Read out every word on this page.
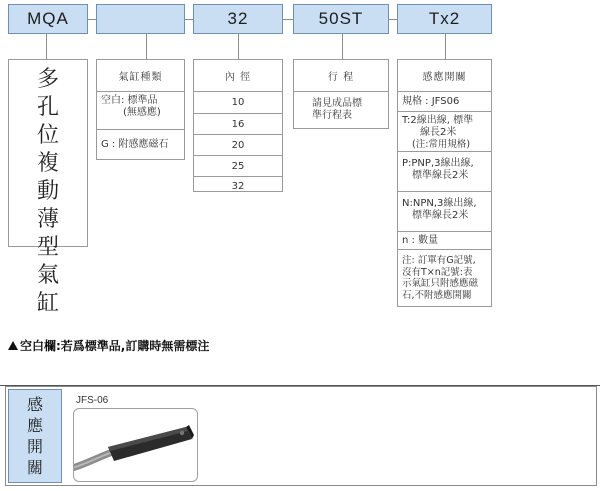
MQA	32	50ST	Tx2
多
孔
位
複
動
薄
型
氣
缸
氣缸種類
空白: 標準品
(無感應)
G : 附感應磁石
內 徑
10
16
20
25
32
行 程
請見成品標
準行程表
感應開關
規格 : JFS06
T:2線出線, 標準
線長2米
(注:常用規格)
P:PNP,3線出線,
標準線長2米
N:NPN,3線出線,
標準線長2米
n : 數量
注: 訂單有G記號,
沒有T×n記號:表
示氣缸只附感應磁
石,不附感應開關
空白欄:若爲標準品,訂購時無需標注
感
應
開
關
JFS-06
